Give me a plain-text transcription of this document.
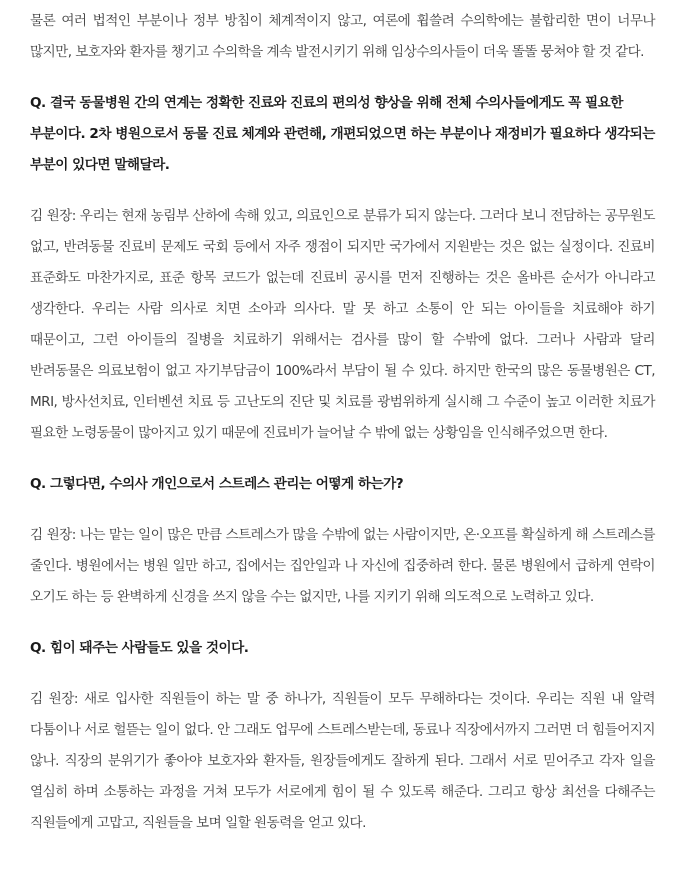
물론 여러 법적인 부분이나 정부 방침이 체계적이지 않고, 여론에 휩쓸려 수의학에는 불합리한 면이 너무나 많지만, 보호자와 환자를 챙기고 수의학을 계속 발전시키기 위해 임상수의사들이 더욱 똘똘 뭉쳐야 할 것 같다.

Q. 결국 동물병원 간의 연계는 정확한 진료와 진료의 편의성 향상을 위해 전체 수의사들에게도 꼭 필요한 부분이다. 2차 병원으로서 동물 진료 체계와 관련해, 개편되었으면 하는 부분이나 재정비가 필요하다 생각되는 부분이 있다면 말해달라.

김 원장: 우리는 현재 농림부 산하에 속해 있고, 의료인으로 분류가 되지 않는다. 그러다 보니 전담하는 공무원도 없고, 반려동물 진료비 문제도 국회 등에서 자주 쟁점이 되지만 국가에서 지원받는 것은 없는 실정이다. 진료비 표준화도 마찬가지로, 표준 항목 코드가 없는데 진료비 공시를 먼저 진행하는 것은 올바른 순서가 아니라고 생각한다. 우리는 사람 의사로 치면 소아과 의사다. 말 못 하고 소통이 안 되는 아이들을 치료해야 하기 때문이고, 그런 아이들의 질병을 치료하기 위해서는 검사를 많이 할 수밖에 없다. 그러나 사람과 달리 반려동물은 의료보험이 없고 자기부담금이 100%라서 부담이 될 수 있다. 하지만 한국의 많은 동물병원은 CT, MRI, 방사선치료, 인터벤션 치료 등 고난도의 진단 및 치료를 광범위하게 실시해 그 수준이 높고 이러한 치료가 필요한 노령동물이 많아지고 있기 때문에 진료비가 늘어날 수 밖에 없는 상황임을 인식해주었으면 한다.

Q. 그렇다면, 수의사 개인으로서 스트레스 관리는 어떻게 하는가?

김 원장: 나는 맡는 일이 많은 만큼 스트레스가 많을 수밖에 없는 사람이지만, 온·오프를 확실하게 해 스트레스를 줄인다. 병원에서는 병원 일만 하고, 집에서는 집안일과 나 자신에 집중하려 한다. 물론 병원에서 급하게 연락이 오기도 하는 등 완벽하게 신경을 쓰지 않을 수는 없지만, 나를 지키기 위해 의도적으로 노력하고 있다.

Q. 힘이 돼주는 사람들도 있을 것이다.

김 원장: 새로 입사한 직원들이 하는 말 중 하나가, 직원들이 모두 무해하다는 것이다. 우리는 직원 내 알력 다툼이나 서로 헐뜯는 일이 없다. 안 그래도 업무에 스트레스받는데, 동료나 직장에서까지 그러면 더 힘들어지지 않나. 직장의 분위기가 좋아야 보호자와 환자들, 원장들에게도 잘하게 된다. 그래서 서로 믿어주고 각자 일을 열심히 하며 소통하는 과정을 거쳐 모두가 서로에게 힘이 될 수 있도록 해준다. 그리고 항상 최선을 다해주는 직원들에게 고맙고, 직원들을 보며 일할 원동력을 얻고 있다.
